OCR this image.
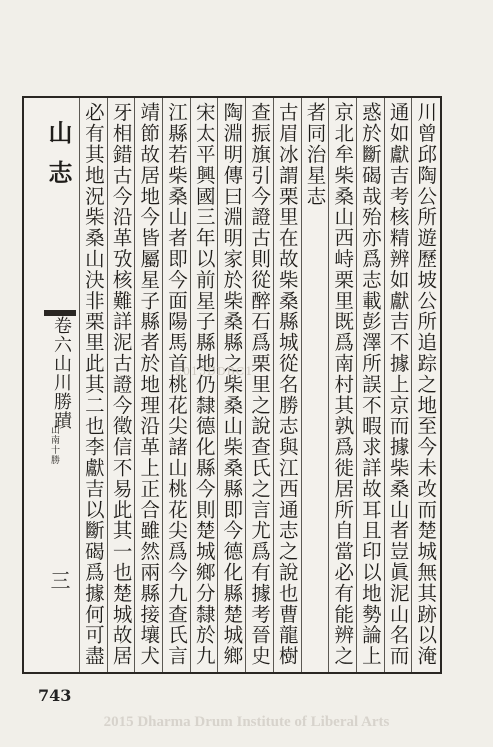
川曾邱陶公所遊歷坡公所追踪之地至今未改而楚城無其跡以淹
通如獻吉考核精辨如獻吉不據上京而據柴桑山者豈眞泥山名而
惑於斷碣哉殆亦爲志載彭澤所誤不暇求詳故耳且印以地勢論上
京北牟柴桑山西峙栗里既爲南村其孰爲徙居所自當必有能辨之
者同治星志
古眉冰謂栗里在故柴桑縣城從名勝志與江西通志之說也曹龍樹
查振旗引今證古則從醉石爲栗里之說查氏之言尤爲有據考晉史
陶淵明傳曰淵明家於柴桑縣之柴桑山柴桑縣即今德化縣楚城鄉
宋太平興國三年以前星子縣地仍隸德化縣今則楚城鄉分隸於九
江縣若柴桑山者即今面陽馬首桃花尖諸山桃花尖爲今九查氏言
靖節故居地今皆屬星子縣者於地理沿革上正合雖然兩縣接壤犬
牙相錯古今沿革攷核難詳泥古證今徵信不易此其一也楚城故居
必有其地況柴桑山決非栗里此其二也李獻吉以斷碣爲據何可盡
山志
卷六山川勝蹟
山南十勝
三
2015DDBC1
743
2015 Dharma Drum Institute of Liberal Arts
